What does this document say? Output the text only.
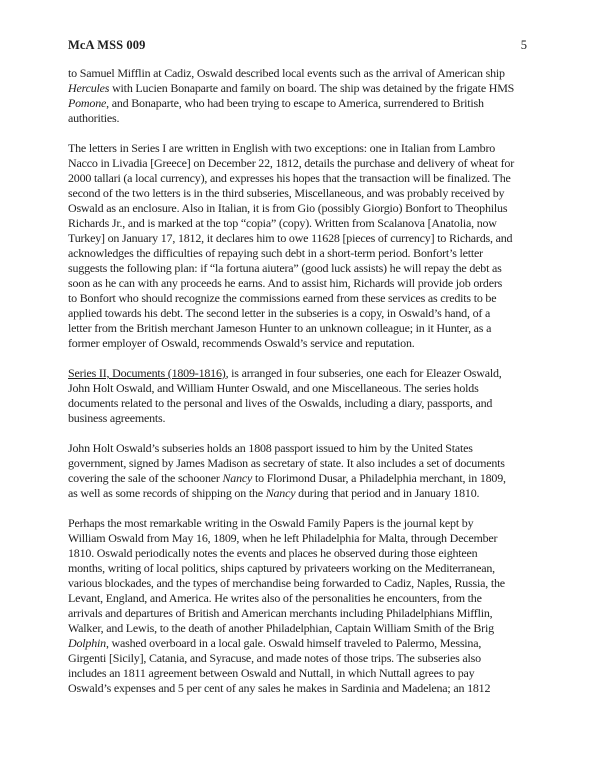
McA MSS 009	5
to Samuel Mifflin at Cadiz, Oswald described local events such as the arrival of American ship
Hercules with Lucien Bonaparte and family on board. The ship was detained by the frigate HMS
Pomone, and Bonaparte, who had been trying to escape to America, surrendered to British
authorities.
The letters in Series I are written in English with two exceptions: one in Italian from Lambro
Nacco in Livadia [Greece] on December 22, 1812, details the purchase and delivery of wheat for
2000 tallari (a local currency), and expresses his hopes that the transaction will be finalized. The
second of the two letters is in the third subseries, Miscellaneous, and was probably received by
Oswald as an enclosure. Also in Italian, it is from Gio (possibly Giorgio) Bonfort to Theophilus
Richards Jr., and is marked at the top “copia” (copy). Written from Scalanova [Anatolia, now
Turkey] on January 17, 1812, it declares him to owe 11628 [pieces of currency] to Richards, and
acknowledges the difficulties of repaying such debt in a short-term period. Bonfort’s letter
suggests the following plan: if “la fortuna aiutera” (good luck assists) he will repay the debt as
soon as he can with any proceeds he earns. And to assist him, Richards will provide job orders
to Bonfort who should recognize the commissions earned from these services as credits to be
applied towards his debt. The second letter in the subseries is a copy, in Oswald’s hand, of a
letter from the British merchant Jameson Hunter to an unknown colleague; in it Hunter, as a
former employer of Oswald, recommends Oswald’s service and reputation.
Series II, Documents (1809-1816), is arranged in four subseries, one each for Eleazer Oswald,
John Holt Oswald, and William Hunter Oswald, and one Miscellaneous. The series holds
documents related to the personal and lives of the Oswalds, including a diary, passports, and
business agreements.
John Holt Oswald’s subseries holds an 1808 passport issued to him by the United States
government, signed by James Madison as secretary of state. It also includes a set of documents
covering the sale of the schooner Nancy to Florimond Dusar, a Philadelphia merchant, in 1809,
as well as some records of shipping on the Nancy during that period and in January 1810.
Perhaps the most remarkable writing in the Oswald Family Papers is the journal kept by
William Oswald from May 16, 1809, when he left Philadelphia for Malta, through December
1810. Oswald periodically notes the events and places he observed during those eighteen
months, writing of local politics, ships captured by privateers working on the Mediterranean,
various blockades, and the types of merchandise being forwarded to Cadiz, Naples, Russia, the
Levant, England, and America. He writes also of the personalities he encounters, from the
arrivals and departures of British and American merchants including Philadelphians Mifflin,
Walker, and Lewis, to the death of another Philadelphian, Captain William Smith of the Brig
Dolphin, washed overboard in a local gale. Oswald himself traveled to Palermo, Messina,
Girgenti [Sicily], Catania, and Syracuse, and made notes of those trips. The subseries also
includes an 1811 agreement between Oswald and Nuttall, in which Nuttall agrees to pay
Oswald’s expenses and 5 per cent of any sales he makes in Sardinia and Madelena; an 1812
